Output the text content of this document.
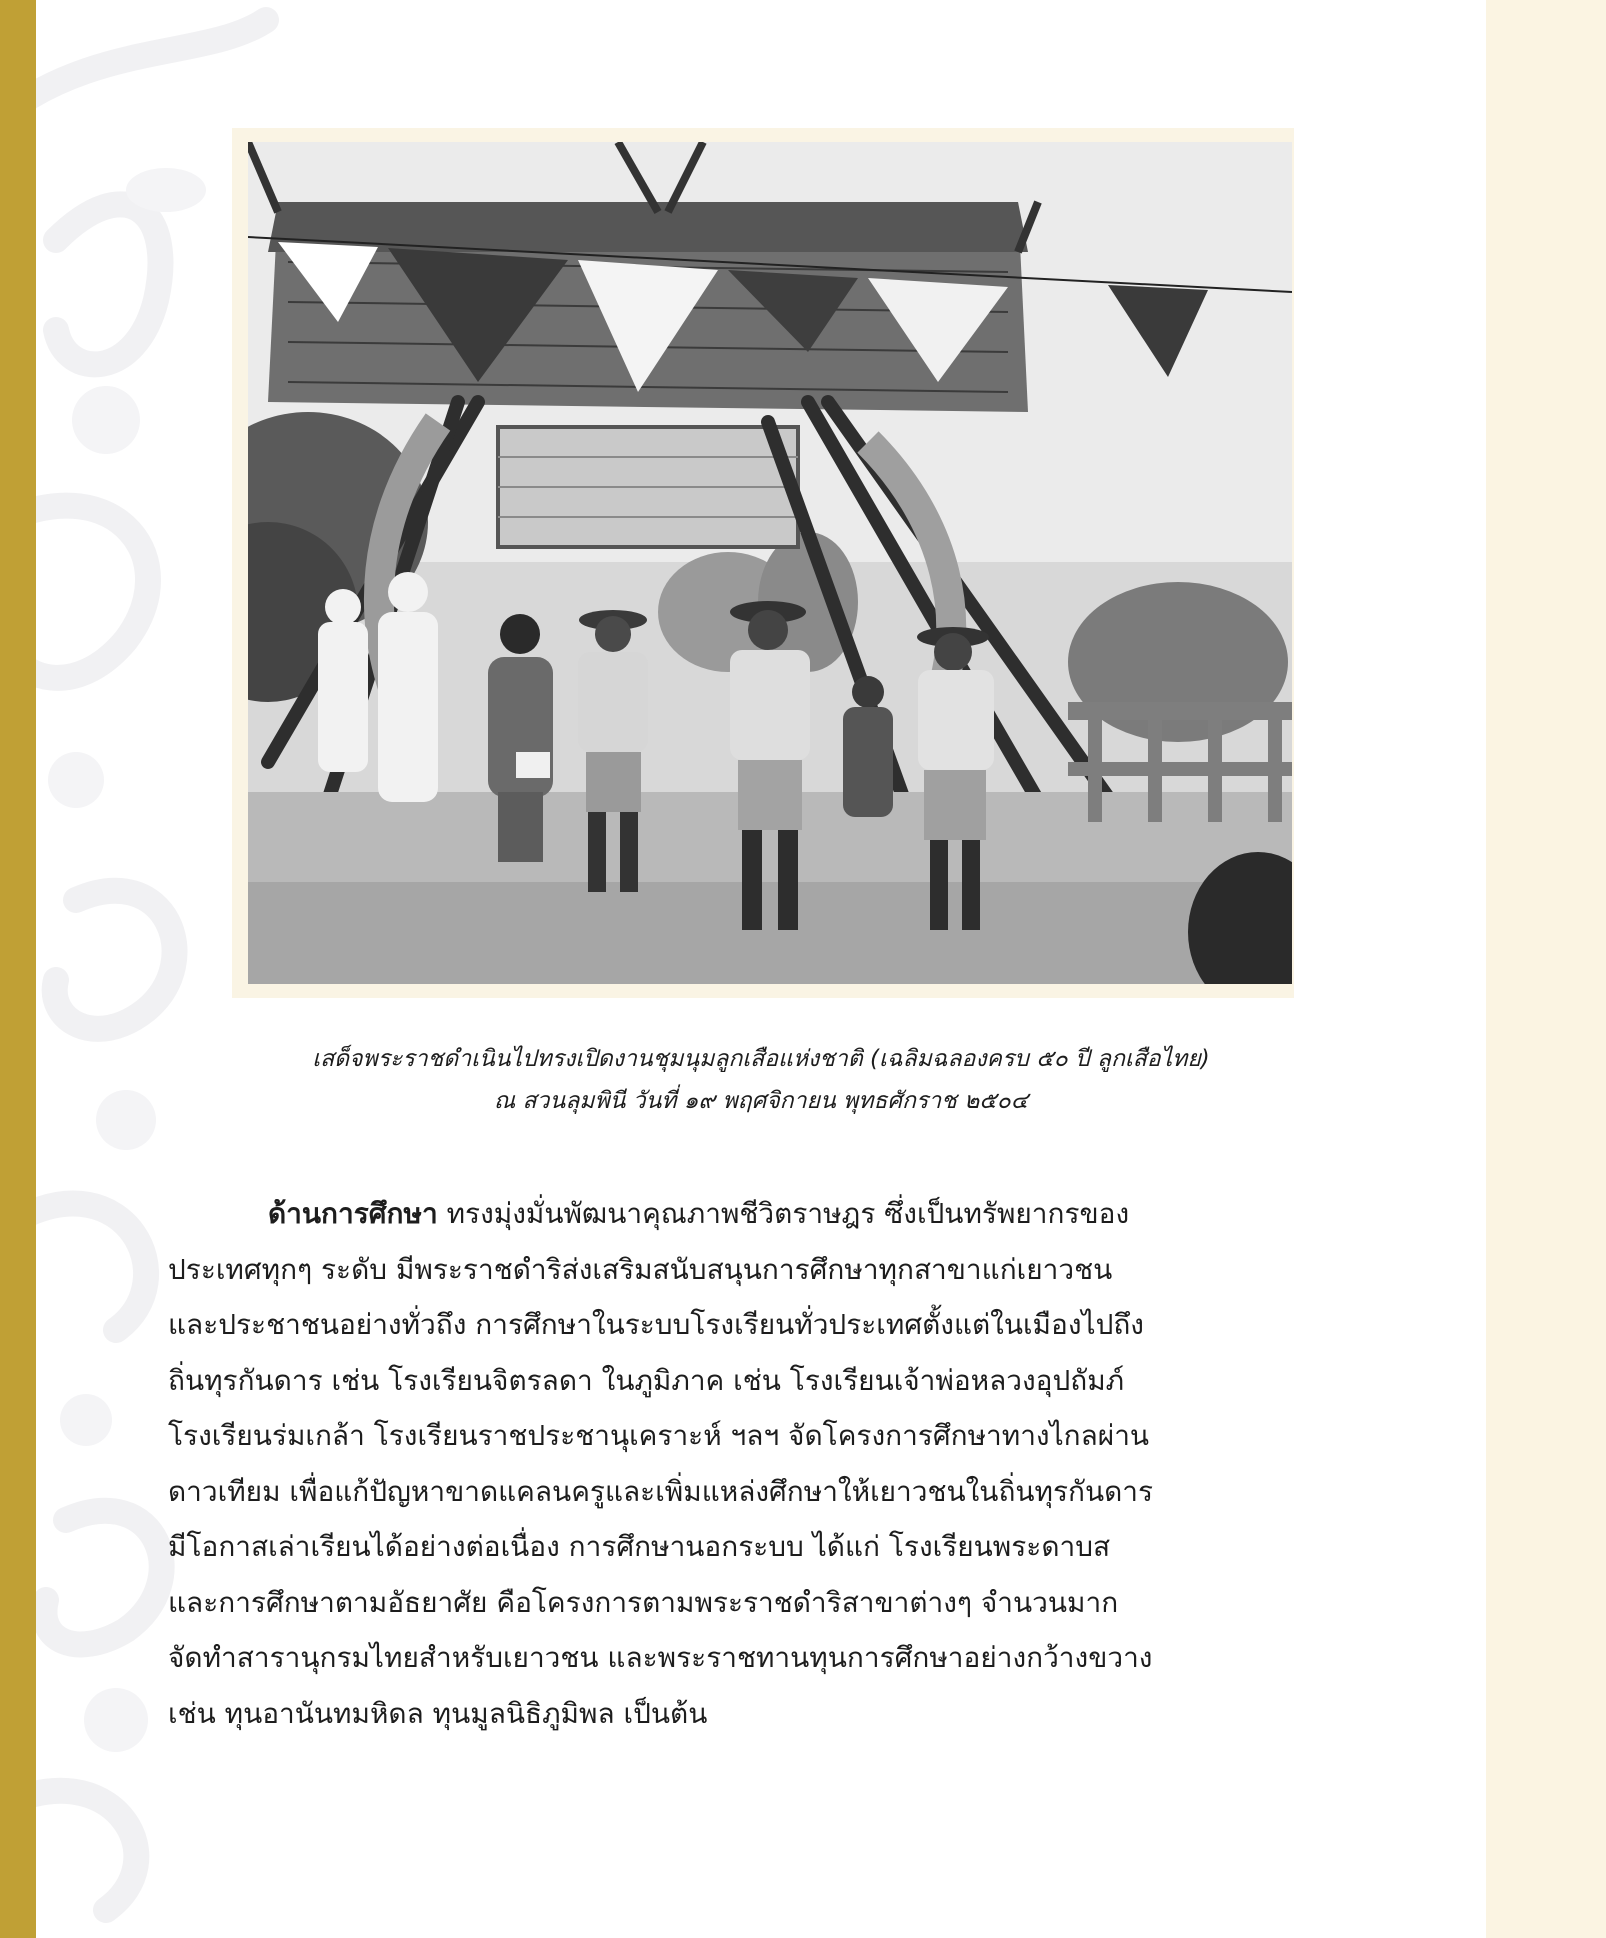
เสด็จพระราชดำเนินไปทรงเปิดงานชุมนุมลูกเสือแห่งชาติ (เฉลิมฉลองครบ ๕๐ ปี ลูกเสือไทย)
ณ สวนลุมพินี วันที่ ๑๙ พฤศจิกายน พุทธศักราช ๒๕๐๔
ด้านการศึกษา ทรงมุ่งมั่นพัฒนาคุณภาพชีวิตราษฎร ซึ่งเป็นทรัพยากรของ
ประเทศทุกๆ ระดับ มีพระราชดำริส่งเสริมสนับสนุนการศึกษาทุกสาขาแก่เยาวชน
และประชาชนอย่างทั่วถึง การศึกษาในระบบโรงเรียนทั่วประเทศตั้งแต่ในเมืองไปถึง
ถิ่นทุรกันดาร เช่น โรงเรียนจิตรลดา ในภูมิภาค เช่น โรงเรียนเจ้าพ่อหลวงอุปถัมภ์
โรงเรียนร่มเกล้า โรงเรียนราชประชานุเคราะห์ ฯลฯ จัดโครงการศึกษาทางไกลผ่าน
ดาวเทียม เพื่อแก้ปัญหาขาดแคลนครูและเพิ่มแหล่งศึกษาให้เยาวชนในถิ่นทุรกันดาร
มีโอกาสเล่าเรียนได้อย่างต่อเนื่อง การศึกษานอกระบบ ได้แก่ โรงเรียนพระดาบส
และการศึกษาตามอัธยาศัย คือโครงการตามพระราชดำริสาขาต่างๆ จำนวนมาก
จัดทำสารานุกรมไทยสำหรับเยาวชน และพระราชทานทุนการศึกษาอย่างกว้างขวาง
เช่น ทุนอานันทมหิดล ทุนมูลนิธิภูมิพล เป็นต้น
